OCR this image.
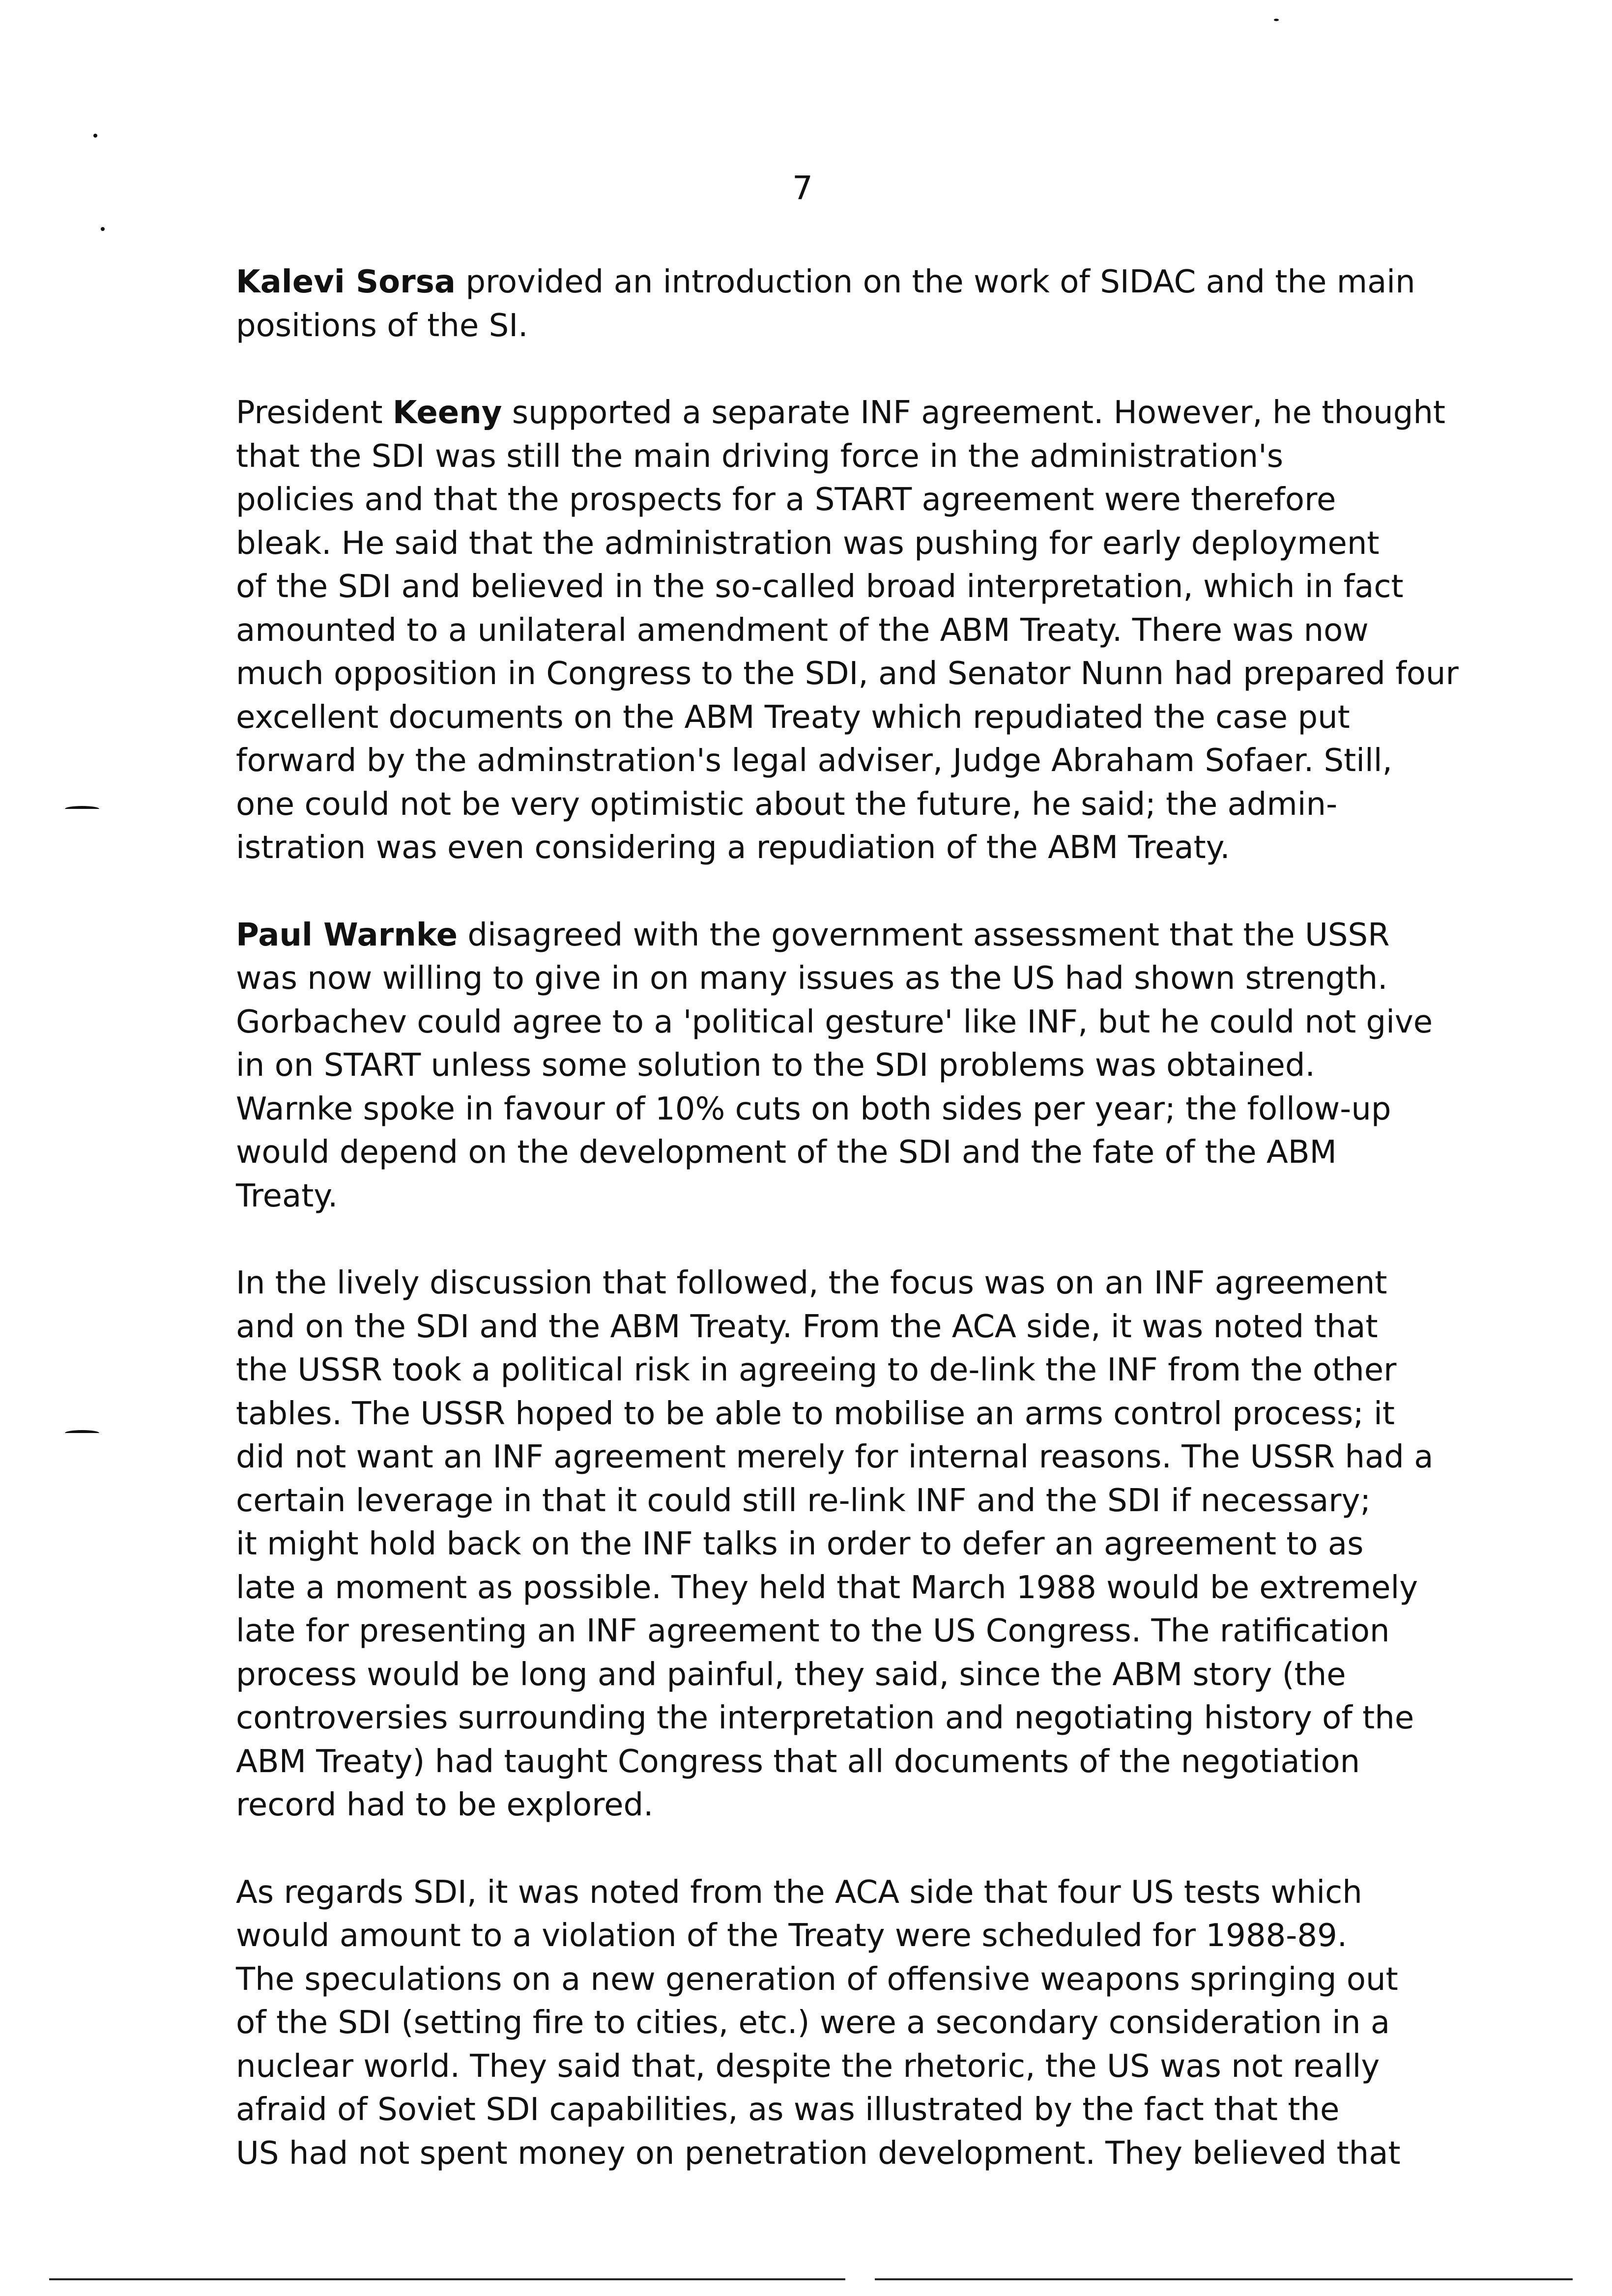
7

Kalevi Sorsa provided an introduction on the work of SIDAC and the main
positions of the SI.

President Keeny supported a separate INF agreement. However, he thought
that the SDI was still the main driving force in the administration's
policies and that the prospects for a START agreement were therefore
bleak. He said that the administration was pushing for early deployment
of the SDI and believed in the so-called broad interpretation, which in fact
amounted to a unilateral amendment of the ABM Treaty. There was now
much opposition in Congress to the SDI, and Senator Nunn had prepared four
excellent documents on the ABM Treaty which repudiated the case put
forward by the adminstration's legal adviser, Judge Abraham Sofaer. Still,
one could not be very optimistic about the future, he said; the admin-
istration was even considering a repudiation of the ABM Treaty.

Paul Warnke disagreed with the government assessment that the USSR
was now willing to give in on many issues as the US had shown strength.
Gorbachev could agree to a 'political gesture' like INF, but he could not give
in on START unless some solution to the SDI problems was obtained.
Warnke spoke in favour of 10% cuts on both sides per year; the follow-up
would depend on the development of the SDI and the fate of the ABM
Treaty.

In the lively discussion that followed, the focus was on an INF agreement
and on the SDI and the ABM Treaty. From the ACA side, it was noted that
the USSR took a political risk in agreeing to de-link the INF from the other
tables. The USSR hoped to be able to mobilise an arms control process; it
did not want an INF agreement merely for internal reasons. The USSR had a
certain leverage in that it could still re-link INF and the SDI if necessary;
it might hold back on the INF talks in order to defer an agreement to as
late a moment as possible. They held that March 1988 would be extremely
late for presenting an INF agreement to the US Congress. The ratification
process would be long and painful, they said, since the ABM story (the
controversies surrounding the interpretation and negotiating history of the
ABM Treaty) had taught Congress that all documents of the negotiation
record had to be explored.

As regards SDI, it was noted from the ACA side that four US tests which
would amount to a violation of the Treaty were scheduled for 1988-89.
The speculations on a new generation of offensive weapons springing out
of the SDI (setting fire to cities, etc.) were a secondary consideration in a
nuclear world. They said that, despite the rhetoric, the US was not really
afraid of Soviet SDI capabilities, as was illustrated by the fact that the
US had not spent money on penetration development. They believed that
